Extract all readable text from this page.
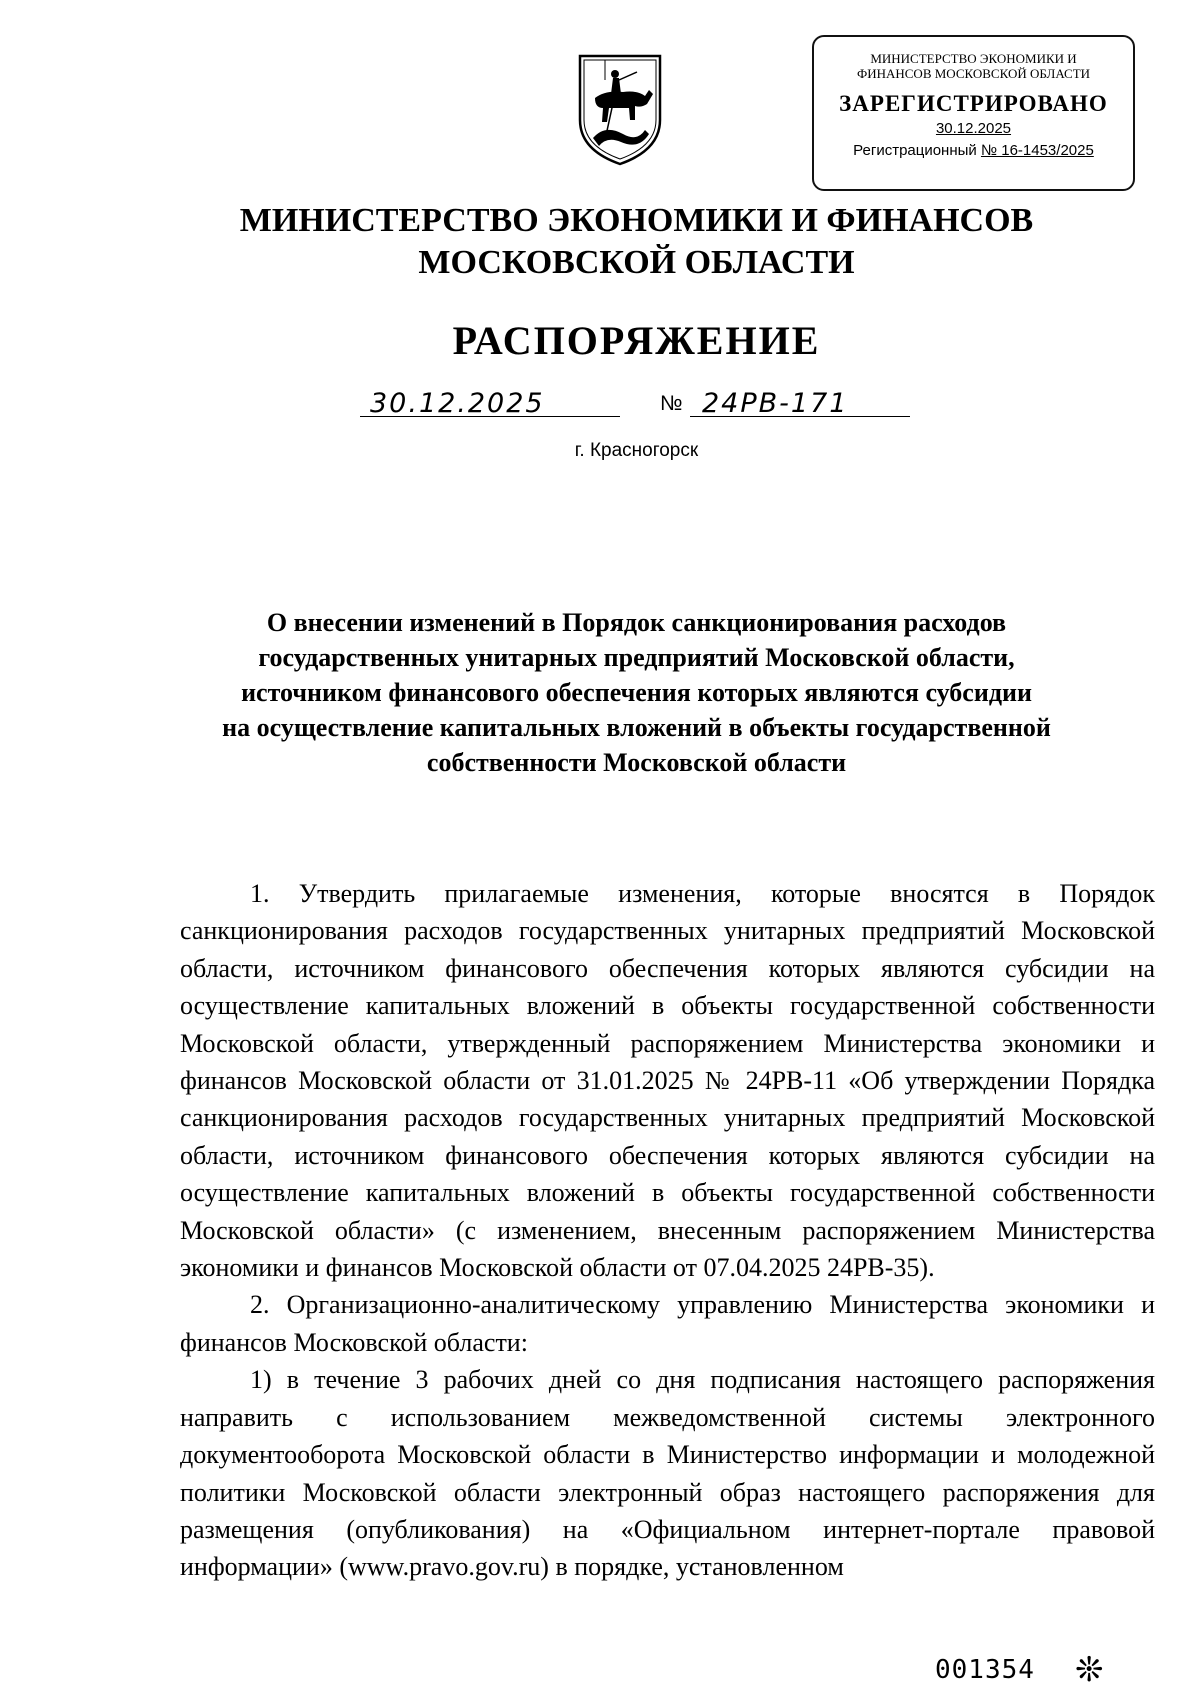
МИНИСТЕРСТВО ЭКОНОМИКИ И
ФИНАНСОВ МОСКОВСКОЙ ОБЛАСТИ
ЗАРЕГИСТРИРОВАНО
30.12.2025
Регистрационный № 16-1453/2025
МИНИСТЕРСТВО ЭКОНОМИКИ И ФИНАНСОВ
МОСКОВСКОЙ ОБЛАСТИ
РАСПОРЯЖЕНИЕ
30.12.2025	№ 24РВ-171
г. Красногорск
О внесении изменений в Порядок санкционирования расходов
государственных унитарных предприятий Московской области,
источником финансового обеспечения которых являются субсидии
на осуществление капитальных вложений в объекты государственной
собственности Московской области

1. Утвердить прилагаемые изменения, которые вносятся в Порядок санкционирования расходов государственных унитарных предприятий Московской области, источником финансового обеспечения которых являются субсидии на осуществление капитальных вложений в объекты государственной собственности Московской области, утвержденный распоряжением Министерства экономики и финансов Московской области от 31.01.2025 № 24РВ-11 «Об утверждении Порядка санкционирования расходов государственных унитарных предприятий Московской области, источником финансового обеспечения которых являются субсидии на осуществление капитальных вложений в объекты государственной собственности Московской области» (с изменением, внесенным распоряжением Министерства экономики и финансов Московской области от 07.04.2025 24РВ-35).

2. Организационно-аналитическому управлению Министерства экономики и финансов Московской области:

1) в течение 3 рабочих дней со дня подписания настоящего распоряжения направить с использованием межведомственной системы электронного документооборота Московской области в Министерство информации и молодежной политики Московской области электронный образ настоящего распоряжения для размещения (опубликования) на «Официальном интернет-портале правовой информации» (www.pravo.gov.ru) в порядке, установленном

001354 ❊
